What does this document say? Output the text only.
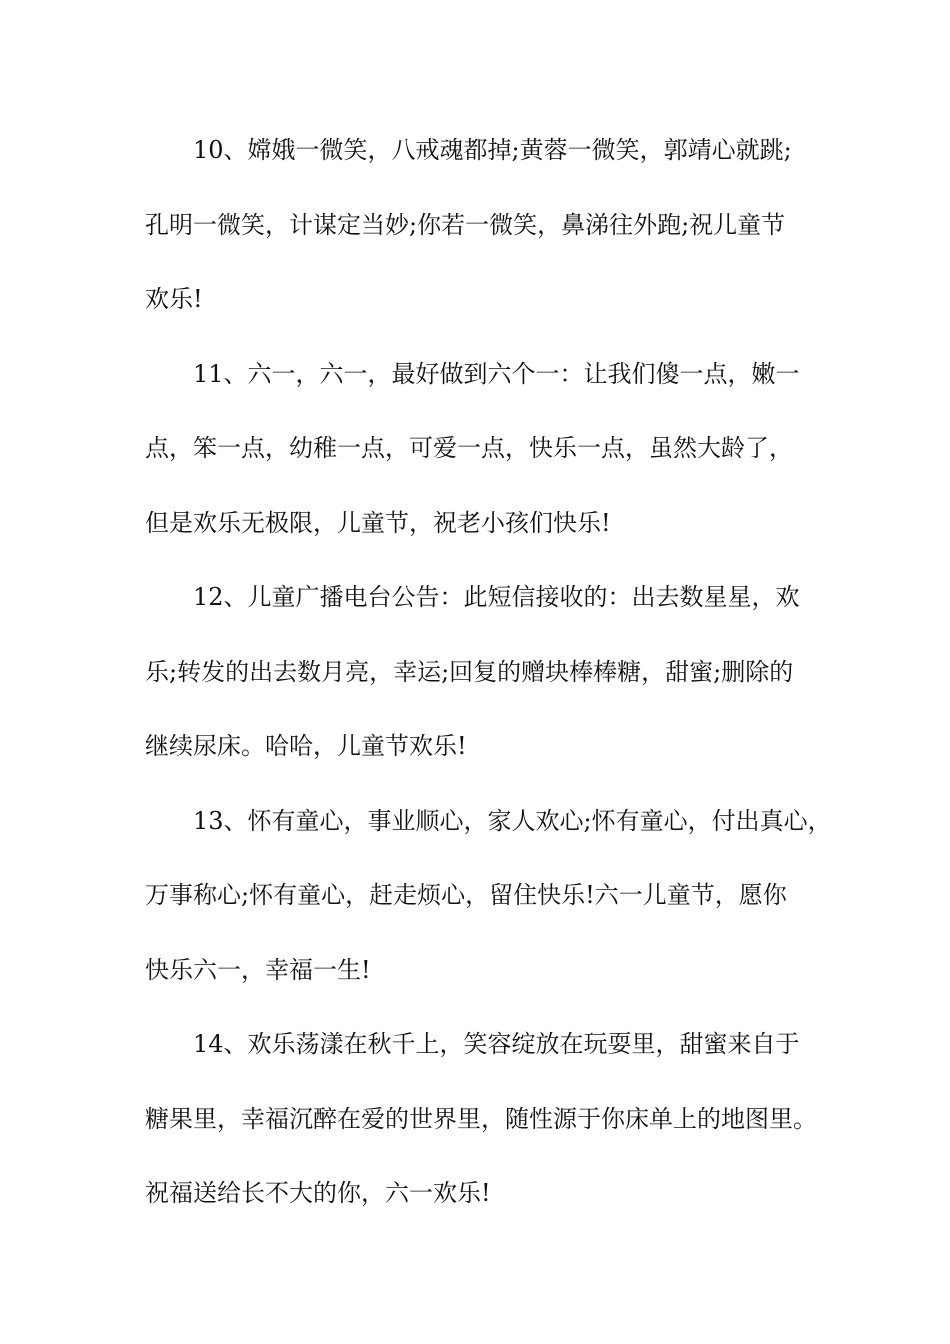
10、嫦娥一微笑，八戒魂都掉;黄蓉一微笑，郭靖心就跳;
孔明一微笑，计谋定当妙;你若一微笑，鼻涕往外跑;祝儿童节
欢乐!
11、六一，六一，最好做到六个一：让我们傻一点，嫩一
点，笨一点，幼稚一点，可爱一点，快乐一点，虽然大龄了，
但是欢乐无极限，儿童节，祝老小孩们快乐!
12、儿童广播电台公告：此短信接收的：出去数星星，欢
乐;转发的出去数月亮，幸运;回复的赠块棒棒糖，甜蜜;删除的
继续尿床。哈哈，儿童节欢乐!
13、怀有童心，事业顺心，家人欢心;怀有童心，付出真心，
万事称心;怀有童心，赶走烦心，留住快乐!六一儿童节，愿你
快乐六一，幸福一生!
14、欢乐荡漾在秋千上，笑容绽放在玩耍里，甜蜜来自于
糖果里，幸福沉醉在爱的世界里，随性源于你床单上的地图里。
祝福送给长不大的你，六一欢乐!
